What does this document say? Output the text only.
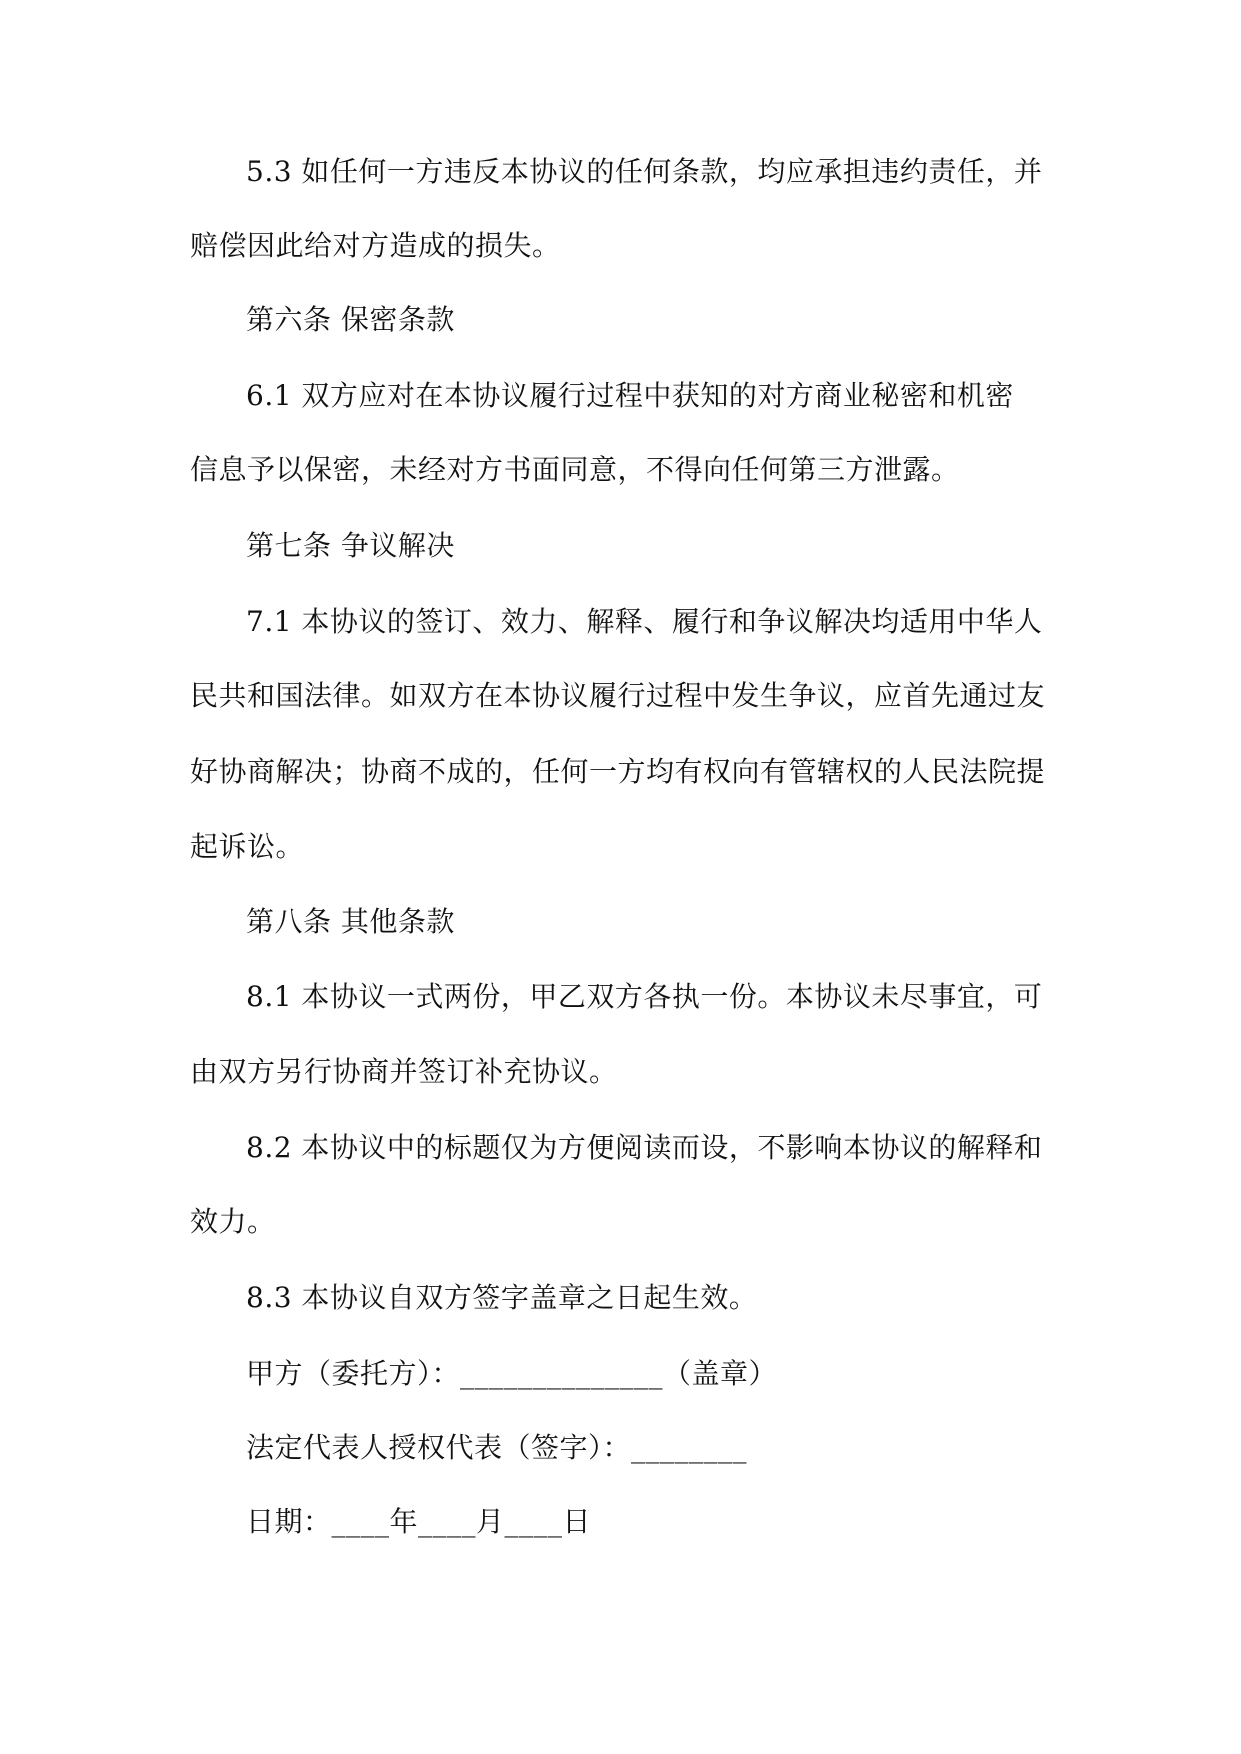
5.3 如任何一方违反本协议的任何条款，均应承担违约责任，并
赔偿因此给对方造成的损失。
第六条 保密条款
6.1 双方应对在本协议履行过程中获知的对方商业秘密和机密
信息予以保密，未经对方书面同意，不得向任何第三方泄露。
第七条 争议解决
7.1 本协议的签订、效力、解释、履行和争议解决均适用中华人
民共和国法律。如双方在本协议履行过程中发生争议，应首先通过友
好协商解决；协商不成的，任何一方均有权向有管辖权的人民法院提
起诉讼。
第八条 其他条款
8.1 本协议一式两份，甲乙双方各执一份。本协议未尽事宜，可
由双方另行协商并签订补充协议。
8.2 本协议中的标题仅为方便阅读而设，不影响本协议的解释和
效力。
8.3 本协议自双方签字盖章之日起生效。
甲方（委托方）：______________（盖章）
法定代表人授权代表（签字）：________
日期：____年____月____日
